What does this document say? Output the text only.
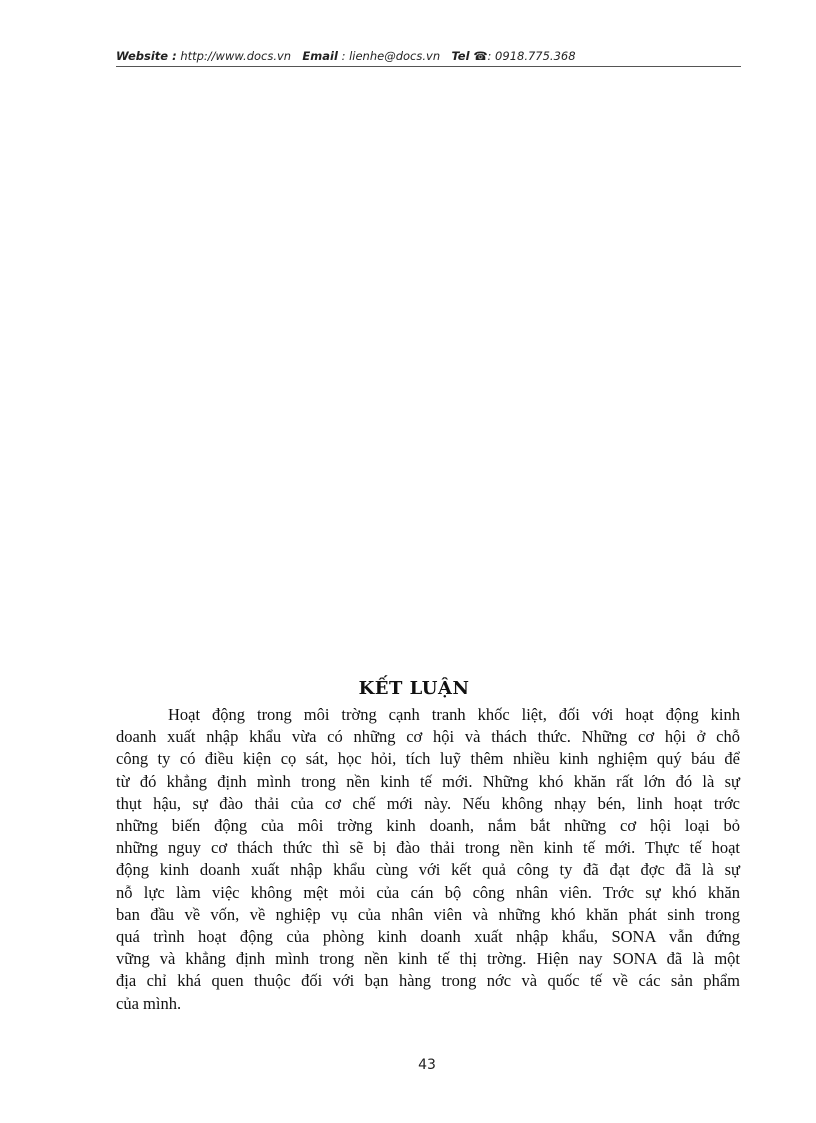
Website : http://www.docs.vn Email : lienhe@docs.vn Tel ☎: 0918.775.368
KẾT LUẬN

Hoạt động trong môi trờng cạnh tranh khốc liệt, đối với hoạt động kinh
doanh xuất nhập khẩu vừa có những cơ hội và thách thức. Những cơ hội ở chỗ
công ty có điều kiện cọ sát, học hỏi, tích luỹ thêm nhiều kinh nghiệm quý báu để
từ đó khẳng định mình trong nền kinh tế mới. Những khó khăn rất lớn đó là sự
thụt hậu, sự đào thải của cơ chế mới này. Nếu không nhạy bén, linh hoạt trớc
những biến động của môi trờng kinh doanh, nắm bắt những cơ hội loại bỏ
những nguy cơ thách thức thì sẽ bị đào thải trong nền kinh tế mới. Thực tế hoạt
động kinh doanh xuất nhập khẩu cùng với kết quả công ty đã đạt đợc đã là sự
nỗ lực làm việc không mệt mỏi của cán bộ công nhân viên. Trớc sự khó khăn
ban đầu về vốn, về nghiệp vụ của nhân viên và những khó khăn phát sinh trong
quá trình hoạt động của phòng kinh doanh xuất nhập khẩu, SONA vẫn đứng
vững và khẳng định mình trong nền kinh tế thị trờng. Hiện nay SONA đã là một
địa chỉ khá quen thuộc đối với bạn hàng trong nớc và quốc tế về các sản phẩm
của mình.

43
